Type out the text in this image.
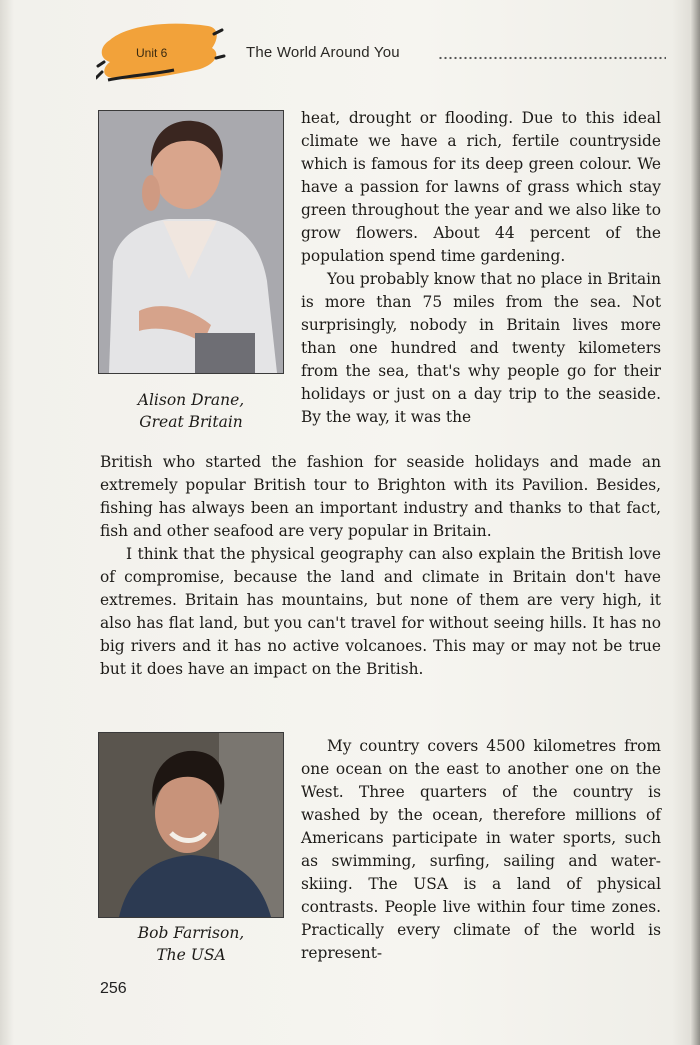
Unit 6	The World Around You
Alison Drane,
Great Britain

heat, drought or flooding. Due to this ideal climate we have a rich, fertile countryside which is famous for its deep green colour. We have a passion for lawns of grass which stay green throughout the year and we also like to grow flowers. About 44 percent of the population spend time gardening.

You probably know that no place in Britain is more than 75 miles from the sea. Not surprisingly, nobody in Britain lives more than one hundred and twenty kilometers from the sea, that's why people go for their holidays or just on a day trip to the seaside. By the way, it was the

British who started the fashion for seaside holidays and made an extremely popular British tour to Brighton with its Pavilion. Besides, fishing has always been an important industry and thanks to that fact, fish and other seafood are very popular in Britain.

I think that the physical geography can also explain the British love of compromise, because the land and climate in Britain don't have extremes. Britain has mountains, but none of them are very high, it also has flat land, but you can't travel for without seeing hills. It has no big rivers and it has no active volcanoes. This may or may not be true but it does have an impact on the British.

Bob Farrison,
The USA

My country covers 4500 kilometres from one ocean on the east to another one on the West. Three quarters of the country is washed by the ocean, therefore millions of Americans participate in water sports, such as swimming, surfing, sailing and water-skiing. The USA is a land of physical contrasts. People live within four time zones. Practically every climate of the world is represent-

256
